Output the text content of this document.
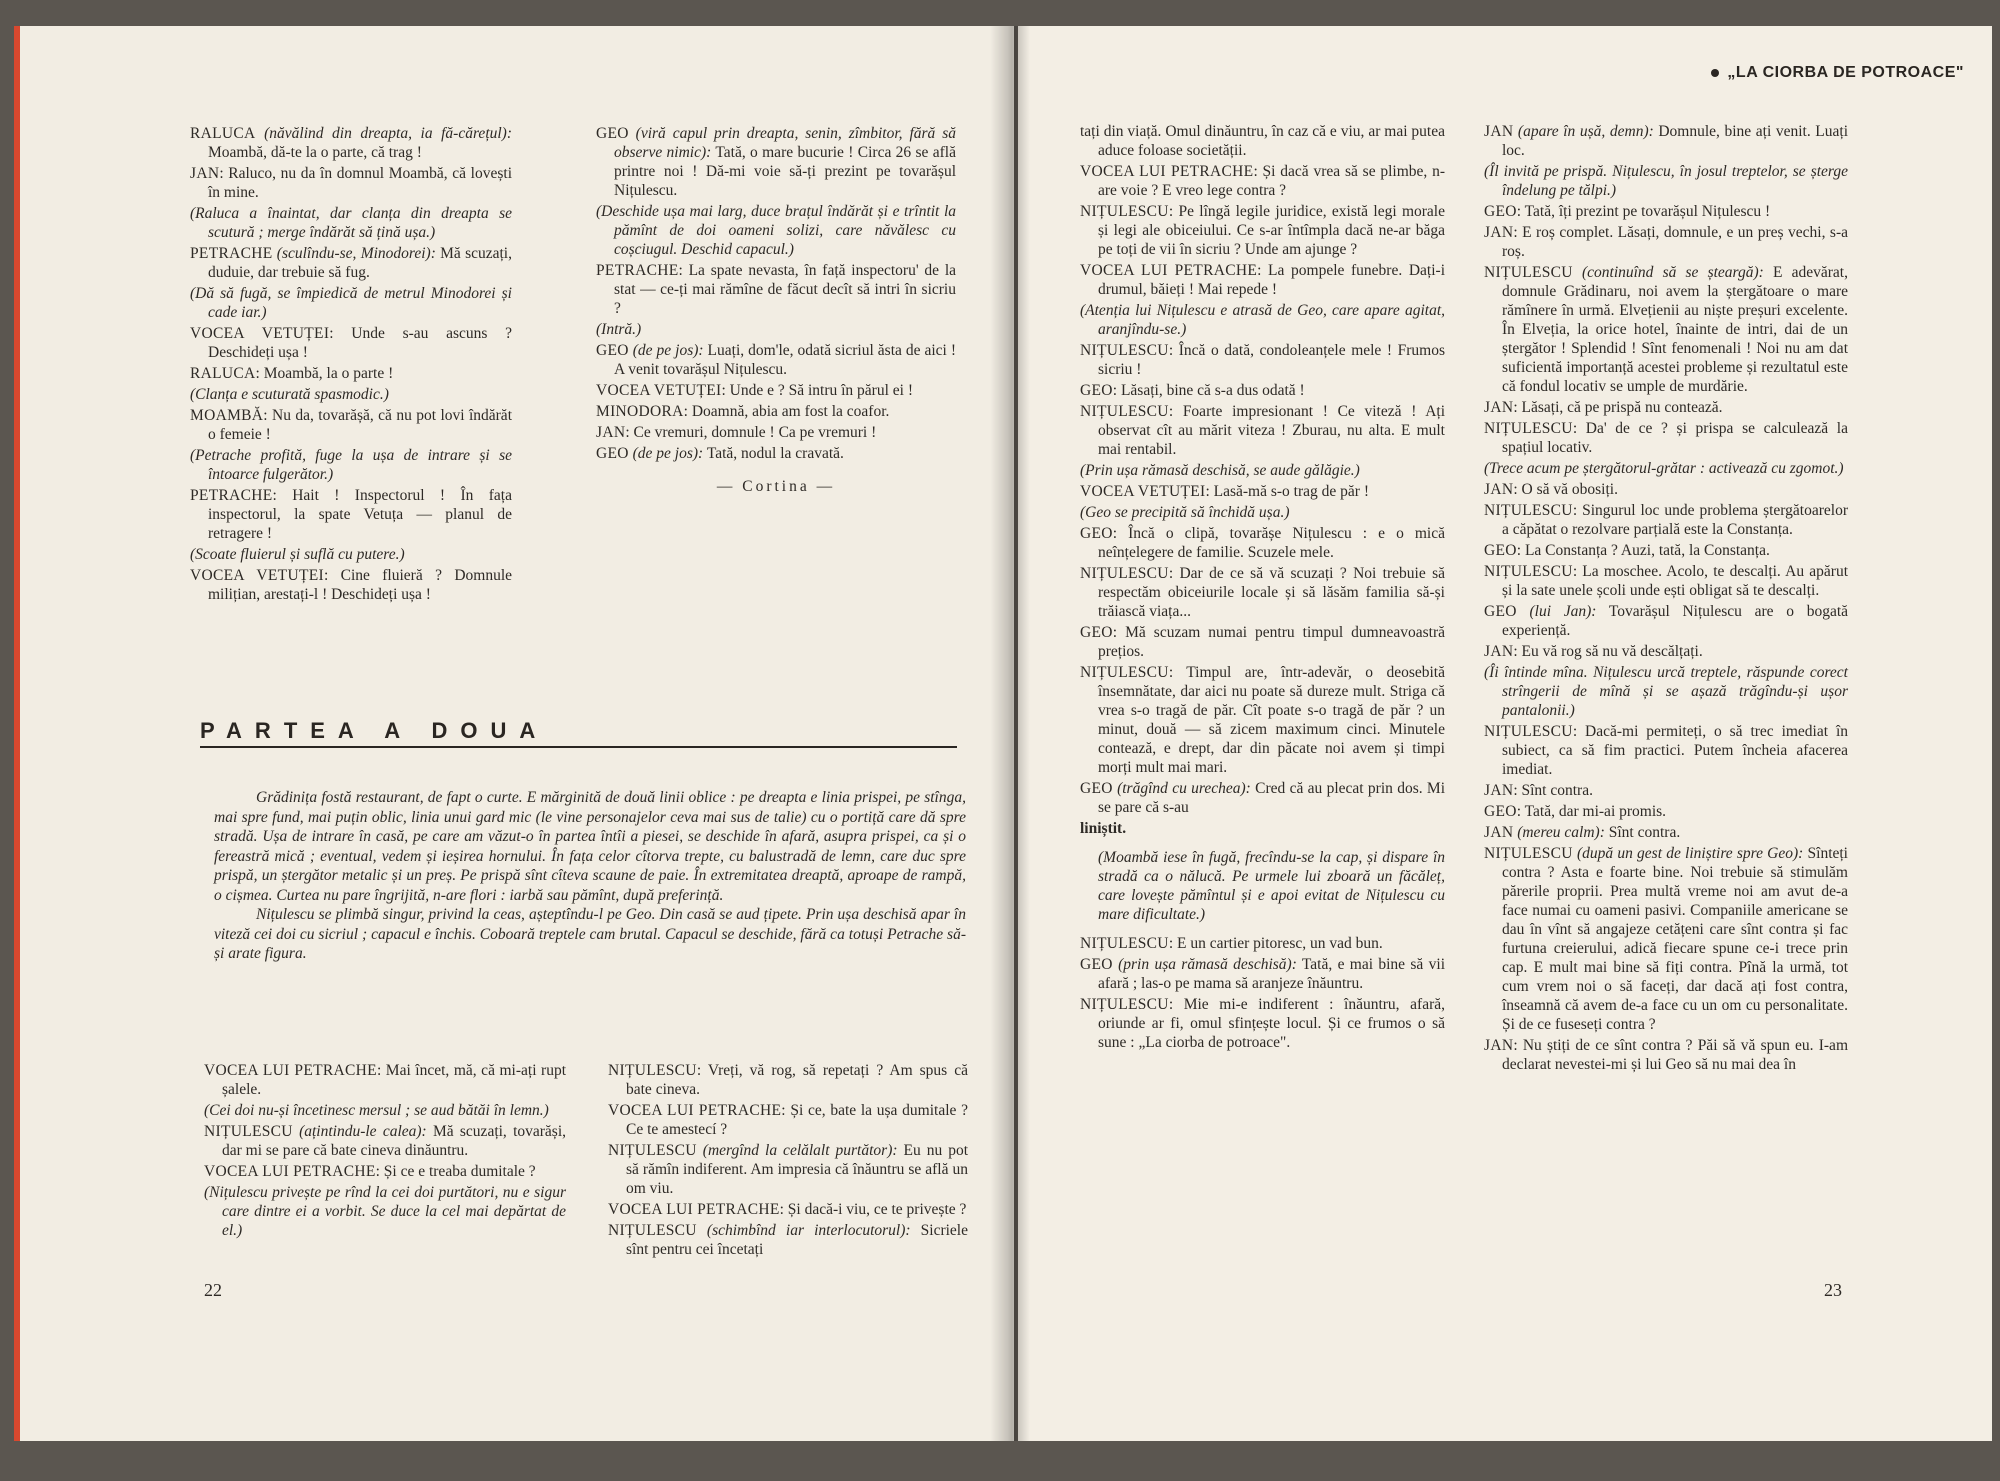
RALUCA (năvălind din dreapta, ia fă-cărețul): Moambă, dă-te la o parte, că trag !

JAN: Raluco, nu da în domnul Moambă, că lovești în mine.

(Raluca a înaintat, dar clanța din dreapta se scutură ; merge îndărăt să țină ușa.)

PETRACHE (sculîndu-se, Minodorei): Mă scuzați, duduie, dar trebuie să fug.

(Dă să fugă, se împiedică de metrul Minodorei și cade iar.)

VOCEA VETUȚEI: Unde s-au ascuns ? Deschideți ușa !

RALUCA: Moambă, la o parte !

(Clanța e scuturată spasmodic.)

MOAMBĂ: Nu da, tovarășă, că nu pot lovi îndărăt o femeie !

(Petrache profită, fuge la ușa de intrare și se întoarce fulgerător.)

PETRACHE: Hait ! Inspectorul ! În fața inspectorul, la spate Vetuța — planul de retragere !

(Scoate fluierul și suflă cu putere.)

VOCEA VETUȚEI: Cine fluieră ? Domnule milițian, arestați-l ! Deschideți ușa !

GEO (viră capul prin dreapta, senin, zîmbitor, fără să observe nimic): Tată, o mare bucurie ! Circa 26 se află printre noi ! Dă-mi voie să-ți prezint pe tovarășul Nițulescu.

(Deschide ușa mai larg, duce brațul îndărăt și e trîntit la pămînt de doi oameni solizi, care năvălesc cu coșciugul. Deschid capacul.)

PETRACHE: La spate nevasta, în față inspectoru' de la stat — ce-ți mai rămîne de făcut decît să intri în sicriu ?

(Intră.)

GEO (de pe jos): Luați, dom'le, odată sicriul ăsta de aici ! A venit tovarășul Nițulescu.

VOCEA VETUȚEI: Unde e ? Să intru în părul ei !

MINODORA: Doamnă, abia am fost la coafor.

JAN: Ce vremuri, domnule ! Ca pe vremuri !

GEO (de pe jos): Tată, nodul la cravată.

— Cortina —

PARTEA A DOUA

Grădinița fostă restaurant, de fapt o curte. E mărginită de două linii oblice : pe dreapta e linia prispei, pe stînga, mai spre fund, mai puțin oblic, linia unui gard mic (le vine personajelor ceva mai sus de talie) cu o portiță care dă spre stradă. Ușa de intrare în casă, pe care am văzut-o în partea întîi a piesei, se deschide în afară, asupra prispei, ca și o fereastră mică ; eventual, vedem și ieșirea hornului. În fața celor cîtorva trepte, cu balustradă de lemn, care duc spre prispă, un ștergător metalic și un preș. Pe prispă sînt cîteva scaune de paie. În extremitatea dreaptă, aproape de rampă, o cișmea. Curtea nu pare îngrijită, n-are flori : iarbă sau pămînt, după preferință.

Nițulescu se plimbă singur, privind la ceas, așteptîndu-l pe Geo. Din casă se aud țipete. Prin ușa deschisă apar în viteză cei doi cu sicriul ; capacul e închis. Coboară treptele cam brutal. Capacul se deschide, fără ca totuși Petrache să-și arate figura.

VOCEA LUI PETRACHE: Mai încet, mă, că mi-ați rupt șalele.

(Cei doi nu-și încetinesc mersul ; se aud bătăi în lemn.)

NIȚULESCU (ațintindu-le calea): Mă scuzați, tovarăși, dar mi se pare că bate cineva dinăuntru.

VOCEA LUI PETRACHE: Și ce e treaba dumitale ?

(Nițulescu privește pe rînd la cei doi purtători, nu e sigur care dintre ei a vorbit. Se duce la cel mai depărtat de el.)

NIȚULESCU: Vreți, vă rog, să repetați ? Am spus că bate cineva.

VOCEA LUI PETRACHE: Și ce, bate la ușa dumitale ? Ce te amestecí ?

NIȚULESCU (mergînd la celălalt purtător): Eu nu pot să rămîn indiferent. Am impresia că înăuntru se află un om viu.

VOCEA LUI PETRACHE: Și dacă-i viu, ce te privește ?

NIȚULESCU (schimbînd iar interlocutorul): Sicriele sînt pentru cei încetați

22
„LA CIORBA DE POTROACE"

tați din viață. Omul dinăuntru, în caz că e viu, ar mai putea aduce foloase societății.

VOCEA LUI PETRACHE: Și dacă vrea să se plimbe, n-are voie ? E vreo lege contra ?

NIȚULESCU: Pe lîngă legile juridice, există legi morale și legi ale obiceiului. Ce s-ar întîmpla dacă ne-ar băga pe toți de vii în sicriu ? Unde am ajunge ?

VOCEA LUI PETRACHE: La pompele funebre. Dați-i drumul, băieți ! Mai repede !

(Atenția lui Nițulescu e atrasă de Geo, care apare agitat, aranjîndu-se.)

NIȚULESCU: Încă o dată, condoleanțele mele ! Frumos sicriu !

GEO: Lăsați, bine că s-a dus odată !

NIȚULESCU: Foarte impresionant ! Ce viteză ! Ați observat cît au mărit viteza ! Zburau, nu alta. E mult mai rentabil.

(Prin ușa rămasă deschisă, se aude gălăgie.)

VOCEA VETUȚEI: Lasă-mă s-o trag de păr !

(Geo se precipită să închidă ușa.)

GEO: Încă o clipă, tovarășe Nițulescu : e o mică neînțelegere de familie. Scuzele mele.

NIȚULESCU: Dar de ce să vă scuzați ? Noi trebuie să respectăm obiceiurile locale și să lăsăm familia să-și trăiască viața...

GEO: Mă scuzam numai pentru timpul dumneavoastră prețios.

NIȚULESCU: Timpul are, într-adevăr, o deosebită însemnătate, dar aici nu poate să dureze mult. Striga că vrea s-o tragă de păr. Cît poate s-o tragă de păr ? un minut, două — să zicem maximum cinci. Minutele contează, e drept, dar din păcate noi avem și timpi morți mult mai mari.

GEO (trăgînd cu urechea): Cred că au plecat prin dos. Mi se pare că s-au

liniștit.

(Moambă iese în fugă, frecîndu-se la cap, și dispare în stradă ca o nălucă. Pe urmele lui zboară un făcăleț, care lovește pămîntul și e apoi evitat de Nițulescu cu mare dificultate.)

NIȚULESCU: E un cartier pitoresc, un vad bun.

GEO (prin ușa rămasă deschisă): Tată, e mai bine să vii afară ; las-o pe mama să aranjeze înăuntru.

NIȚULESCU: Mie mi-e indiferent : înăuntru, afară, oriunde ar fi, omul sfințește locul. Și ce frumos o să sune : „La ciorba de potroace".

JAN (apare în ușă, demn): Domnule, bine ați venit. Luați loc.

(Îl invită pe prispă. Nițulescu, în josul treptelor, se șterge îndelung pe tălpi.)

GEO: Tată, îți prezint pe tovarășul Nițulescu !

JAN: E roș complet. Lăsați, domnule, e un preș vechi, s-a roș.

NIȚULESCU (continuînd să se șteargă): E adevărat, domnule Grădinaru, noi avem la ștergătoare o mare rămînere în urmă. Elvețienii au niște preșuri excelente. În Elveția, la orice hotel, înainte de intri, dai de un ștergător ! Splendid ! Sînt fenomenali ! Noi nu am dat suficientă importanță acestei probleme și rezultatul este că fondul locativ se umple de murdărie.

JAN: Lăsați, că pe prispă nu contează.

NIȚULESCU: Da' de ce ? și prispa se calculează la spațiul locativ.

(Trece acum pe ștergătorul-grătar : activează cu zgomot.)

JAN: O să vă obosiți.

NIȚULESCU: Singurul loc unde problema ștergătoarelor a căpătat o rezolvare parțială este la Constanța.

GEO: La Constanța ? Auzi, tată, la Constanța.

NIȚULESCU: La moschee. Acolo, te descalți. Au apărut și la sate unele școli unde ești obligat să te descalți.

GEO (lui Jan): Tovarășul Nițulescu are o bogată experiență.

JAN: Eu vă rog să nu vă descălțați.

(Îi întinde mîna. Nițulescu urcă treptele, răspunde corect strîngerii de mînă și se așază trăgîndu-și ușor pantalonii.)

NIȚULESCU: Dacă-mi permiteți, o să trec imediat în subiect, ca să fim practici. Putem încheia afacerea imediat.

JAN: Sînt contra.

GEO: Tată, dar mi-ai promis.

JAN (mereu calm): Sînt contra.

NIȚULESCU (după un gest de liniștire spre Geo): Sînteți contra ? Asta e foarte bine. Noi trebuie să stimulăm părerile proprii. Prea multă vreme noi am avut de-a face numai cu oameni pasivi. Companiile americane se dau în vînt să angajeze cetățeni care sînt contra și fac furtuna creierului, adică fiecare spune ce-i trece prin cap. E mult mai bine să fiți contra. Pînă la urmă, tot cum vrem noi o să faceți, dar dacă ați fost contra, înseamnă că avem de-a face cu un om cu personalitate. Și de ce fuseseți contra ?

JAN: Nu știți de ce sînt contra ? Păi să vă spun eu. I-am declarat nevestei-mi și lui Geo să nu mai dea în

23
